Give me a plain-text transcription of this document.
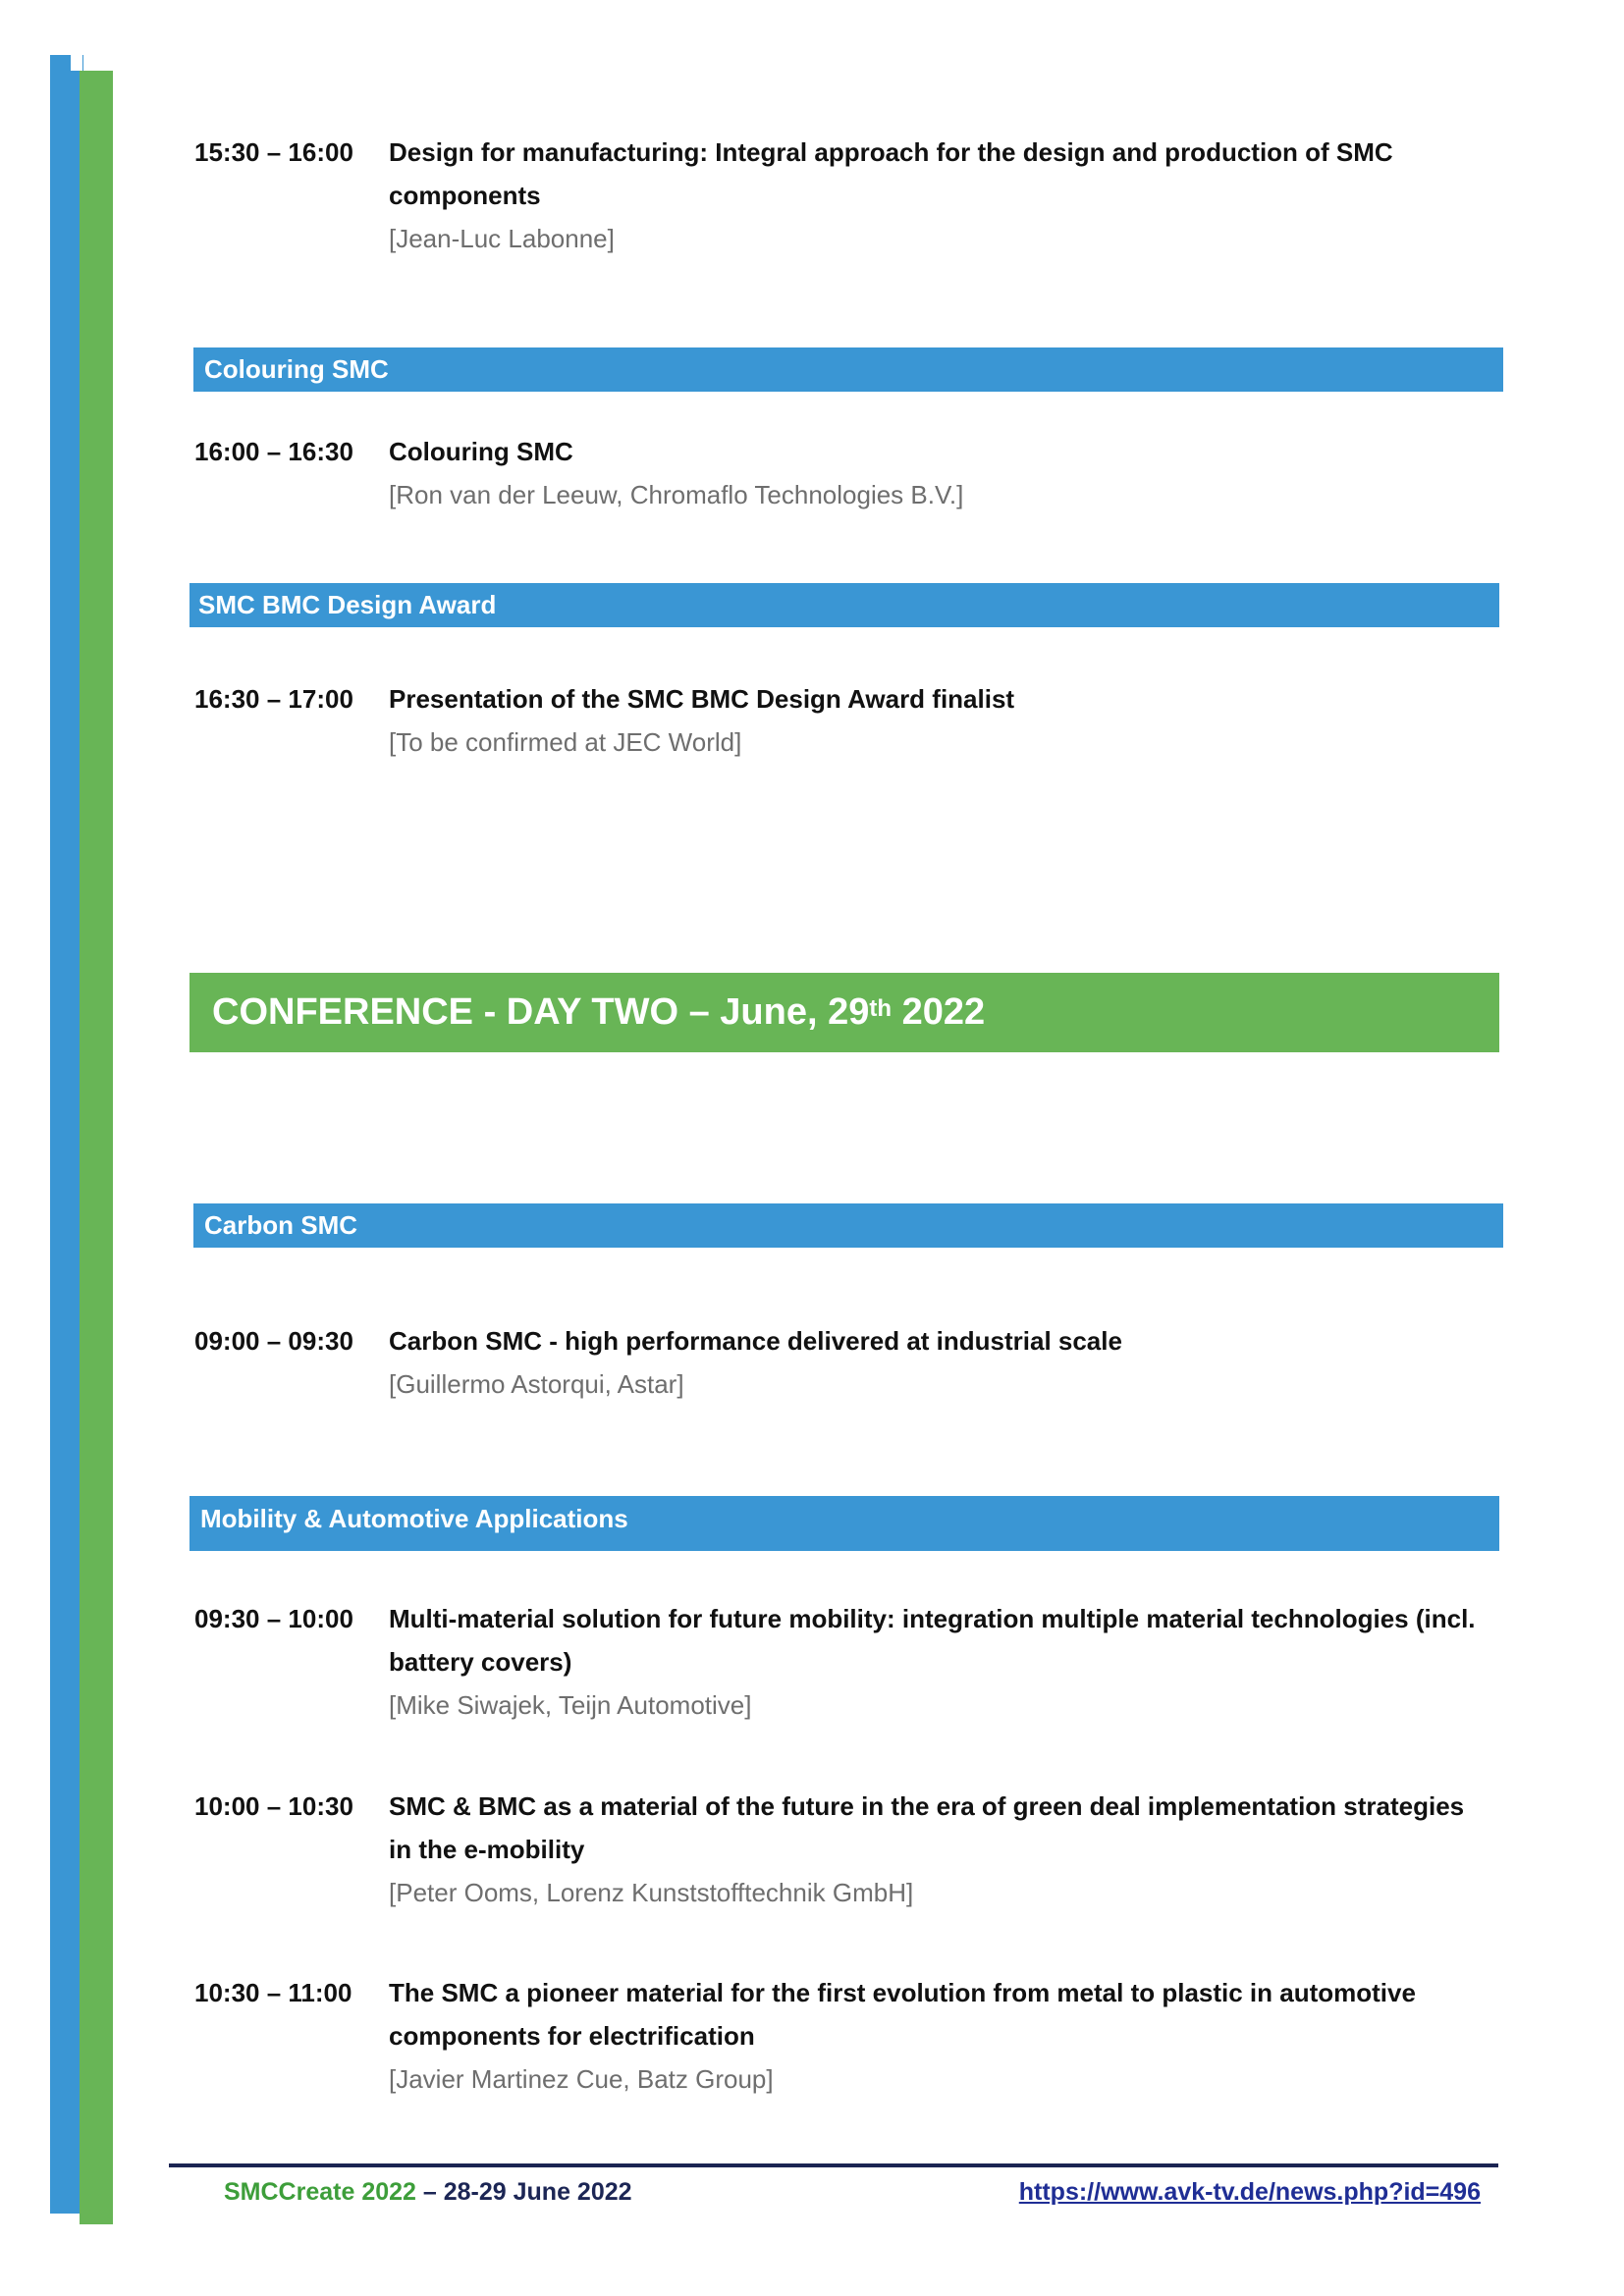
15:30 – 16:00 Design for manufacturing: Integral approach for the design and production of SMC components
[Jean-Luc Labonne]
Colouring SMC
16:00 – 16:30 Colouring SMC
[Ron van der Leeuw, Chromaflo Technologies B.V.]
SMC BMC Design Award
16:30 – 17:00 Presentation of the SMC BMC Design Award finalist
[To be confirmed at JEC World]
CONFERENCE - DAY TWO – June, 29th 2022
Carbon SMC
09:00 – 09:30 Carbon SMC - high performance delivered at industrial scale
[Guillermo Astorqui, Astar]
Mobility & Automotive Applications
09:30 – 10:00 Multi-material solution for future mobility: integration multiple material technologies (incl. battery covers)
[Mike Siwajek, Teijn Automotive]
10:00 – 10:30 SMC & BMC as a material of the future in the era of green deal implementation strategies in the e-mobility
[Peter Ooms, Lorenz Kunststofftechnik GmbH]
10:30 – 11:00 The SMC a pioneer material for the first evolution from metal to plastic in automotive components for electrification
[Javier Martinez Cue, Batz Group]
SMCCreate 2022 – 28-29 June 2022	https://www.avk-tv.de/news.php?id=496
